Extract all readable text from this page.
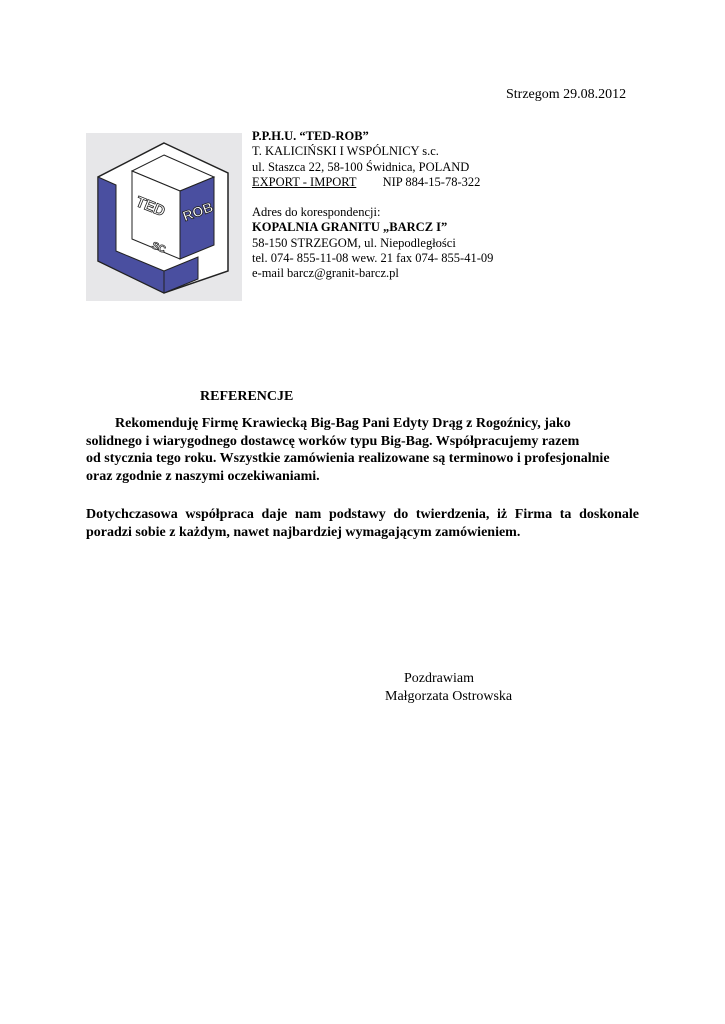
Strzegom 29.08.2012
TED ROB
SC
P.P.H.U. “TED-ROB”
T. KALICIŃSKI I WSPÓLNICY s.c.
ul. Staszca 22, 58-100 Świdnica, POLAND
EXPORT - IMPORT NIP 884-15-78-322
Adres do korespondencji:
KOPALNIA GRANITU „BARCZ I”
58-150 STRZEGOM, ul. Niepodległości
tel. 074- 855-11-08 wew. 21 fax 074- 855-41-09
e-mail barcz@granit-barcz.pl
REFERENCJE
Rekomenduję Firmę Krawiecką Big-Bag Pani Edyty Drąg z Rogoźnicy, jako
solidnego i wiarygodnego dostawcę worków typu Big-Bag. Współpracujemy razem
od stycznia tego roku. Wszystkie zamówienia realizowane są terminowo i profesjonalnie
oraz zgodnie z naszymi oczekiwaniami.
Dotychczasowa współpraca daje nam podstawy do twierdzenia, iż Firma ta doskonale
poradzi sobie z każdym, nawet najbardziej wymagającym zamówieniem.
Pozdrawiam
Małgorzata Ostrowska
